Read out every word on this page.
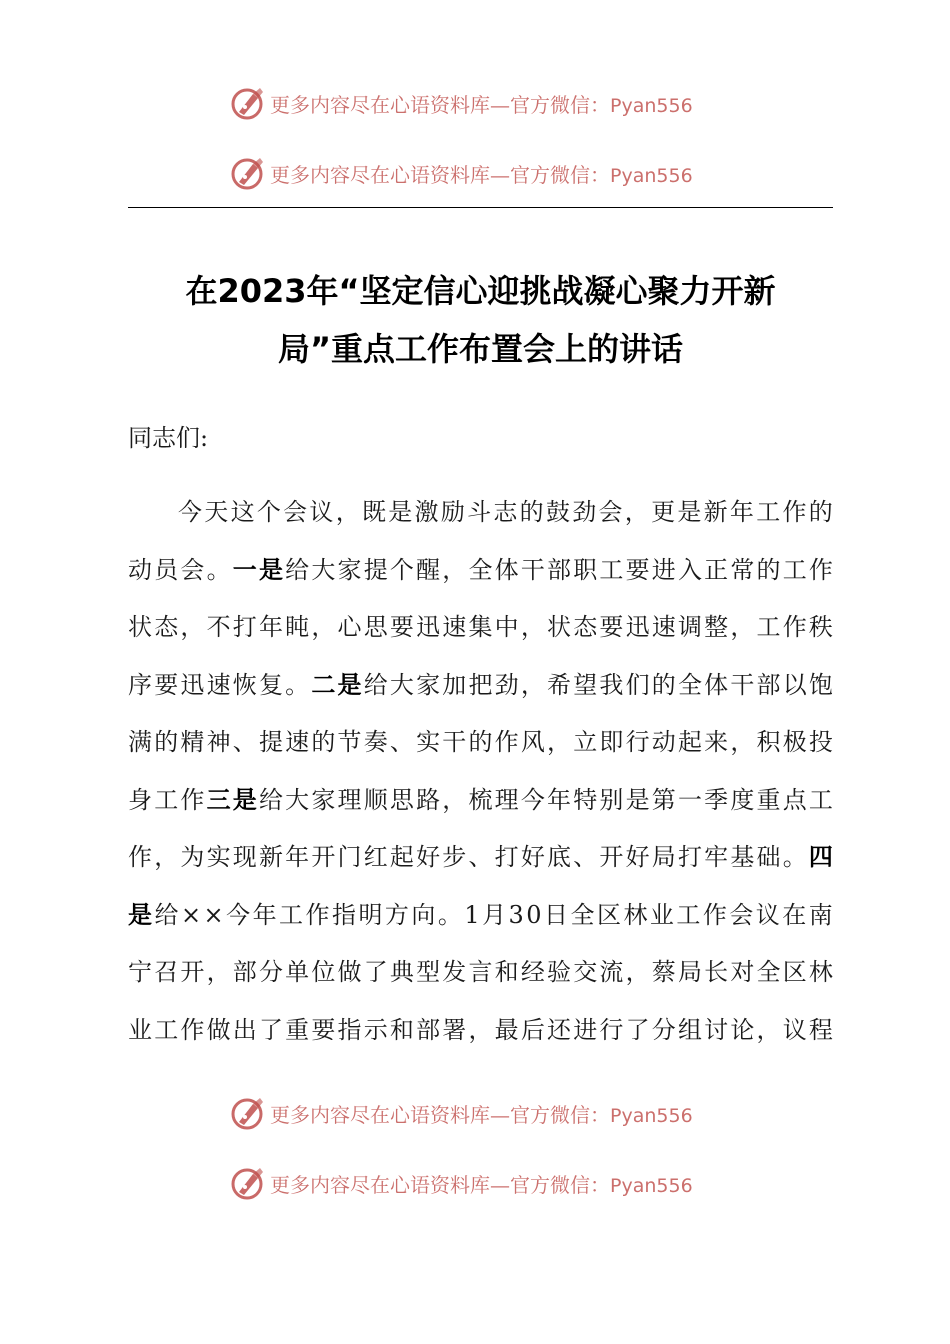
更多内容尽在心语资料库—官方微信：Pyan556
更多内容尽在心语资料库—官方微信：Pyan556
在2023年“坚定信心迎挑战凝心聚力开新
局”重点工作布置会上的讲话

同志们:

今 天 这 个 会 议 ， 既 是 激 励 斗 志 的 鼓 劲 会 ， 更 是 新 年 工 作 的
动 员 会 。 一 是 给 大 家 提 个 醒 ， 全 体 干 部 职 工 要 进 入 正 常 的 工 作
状 态 ， 不 打 年 盹 ， 心 思 要 迅 速 集 中 ， 状 态 要 迅 速 调 整 ， 工 作 秩
序 要 迅 速 恢 复 。 二 是 给 大 家 加 把 劲 ， 希 望 我 们 的 全 体 干 部 以 饱
满 的 精 神 、 提 速 的 节 奏 、 实 干 的 作 风 ， 立 即 行 动 起 来 ， 积 极 投
身 工 作 三 是 给 大 家 理 顺 思 路 ， 梳 理 今 年 特 别 是 第 一 季 度 重 点 工
作 ， 为 实 现 新 年 开 门 红 起 好 步 、 打 好 底 、 开 好 局 打 牢 基 础 。 四
是 给 × × 今 年 工 作 指 明 方 向 。 1 月 3 0 日 全 区 林 业 工 作 会 议 在 南
宁 召 开 ， 部 分 单 位 做 了 典 型 发 言 和 经 验 交 流 ， 蔡 局 长 对 全 区 林
业 工 作 做 出 了 重 要 指 示 和 部 署 ， 最 后 还 进 行 了 分 组 讨 论 ， 议 程
更多内容尽在心语资料库—官方微信：Pyan556
更多内容尽在心语资料库—官方微信：Pyan556
